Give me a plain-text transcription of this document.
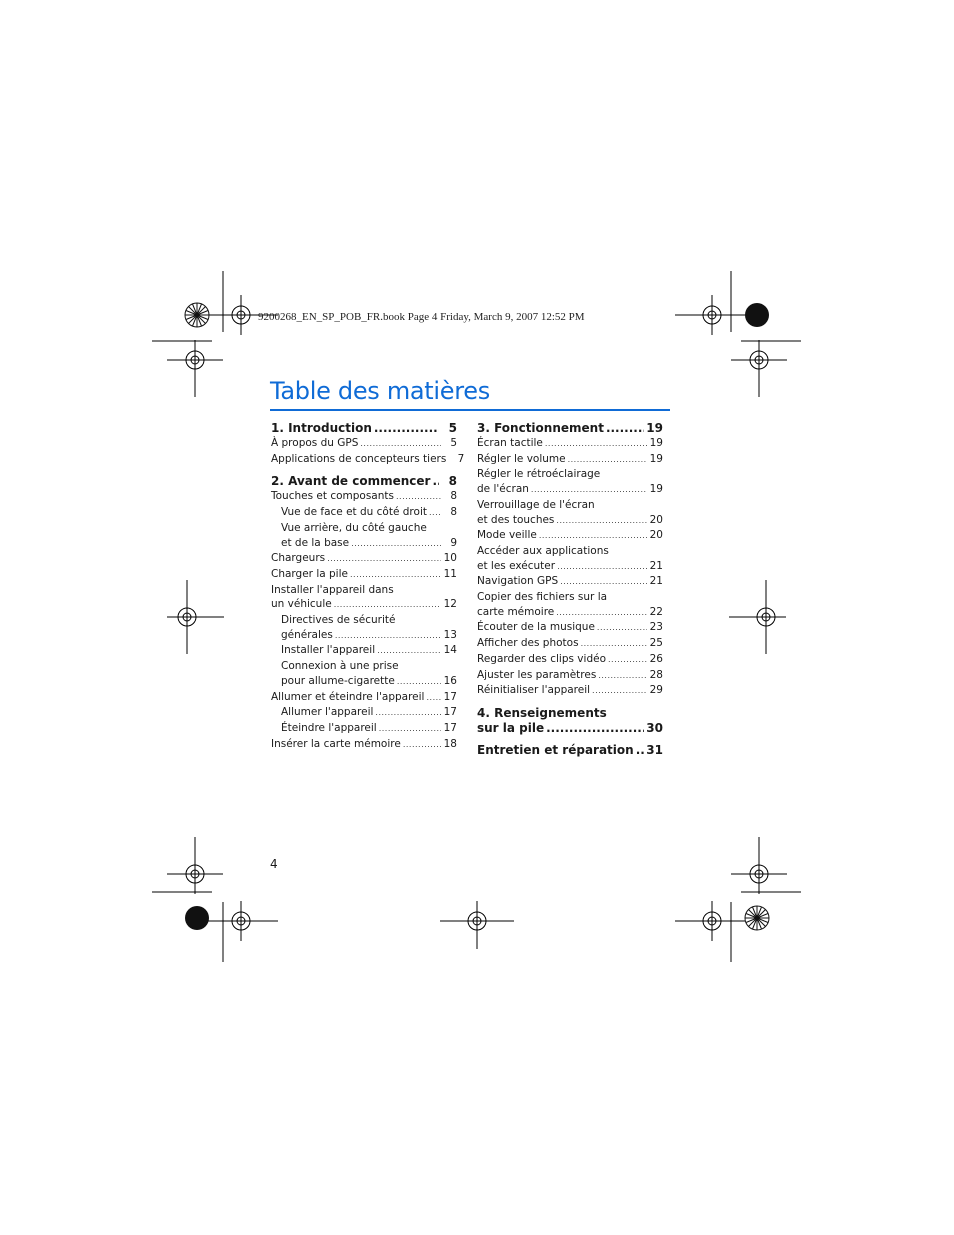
9200268_EN_SP_POB_FR.book Page 4 Friday, March 9, 2007 12:52 PM
Table des matières
1. Introduction .....	5
À propos du GPS .....	5
Applications de concepteurs tiers	7
2. Avant de commencer .....	8
Touches et composants .....	8
Vue de face et du côté droit .....	8
Vue arrière, du côté gauche
et de la base .....	9
Chargeurs .....	10
Charger la pile .....	11
Installer l'appareil dans
un véhicule .....	12
Directives de sécurité
générales .....	13
Installer l'appareil .....	14
Connexion à une prise
pour allume-cigarette .....	16
Allumer et éteindre l'appareil ..... 17
Allumer l'appareil .....	17
Éteindre l'appareil .....	17
Insérer la carte mémoire .....	18
3. Fonctionnement .....	19
Écran tactile .....	19
Régler le volume .....	19
Régler le rétroéclairage
de l'écran .....	19
Verrouillage de l'écran
et des touches .....	20
Mode veille .....	20
Accéder aux applications
et les exécuter .....	21
Navigation GPS .....	21
Copier des fichiers sur la
carte mémoire .....	22
Écouter de la musique .....	23
Afficher des photos .....	25
Regarder des clips vidéo .....	26
Ajuster les paramètres .....	28
Réinitialiser l'appareil .....	29
4. Renseignements
sur la pile .....	30
Entretien et réparation ..... 31
4
